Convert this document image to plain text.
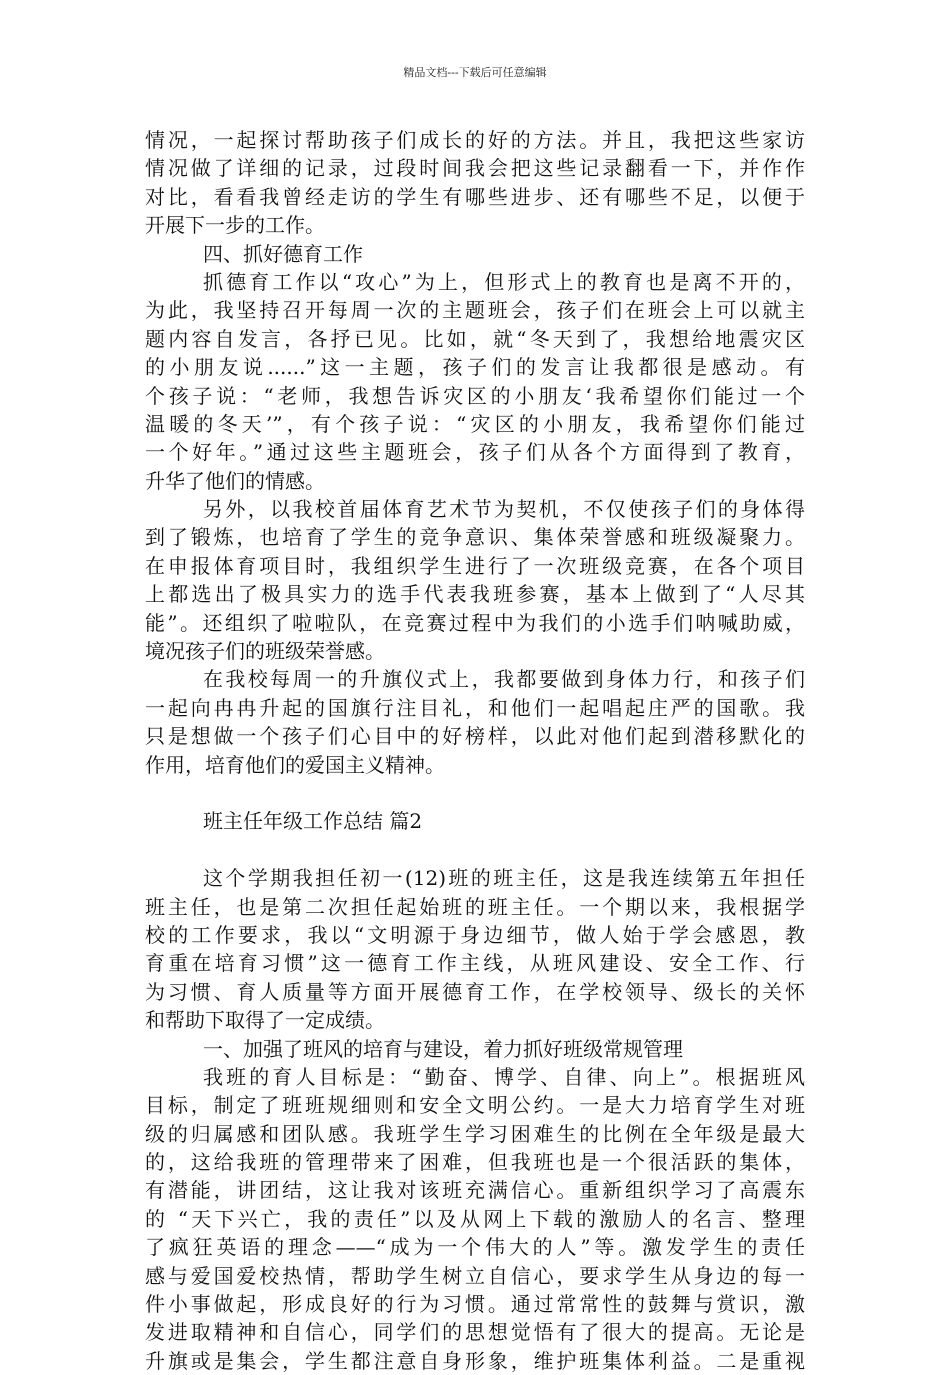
精品文档---下载后可任意编辑
情况，一起探讨帮助孩子们成长的好的方法。并且，我把这些家访
情况做了详细的记录，过段时间我会把这些记录翻看一下，并作作
对比，看看我曾经走访的学生有哪些进步、还有哪些不足，以便于
开展下一步的工作。
四、抓好德育工作
抓德育工作以“攻心”为上，但形式上的教育也是离不开的，
为此，我坚持召开每周一次的主题班会，孩子们在班会上可以就主
题内容自发言，各抒已见。比如，就“冬天到了，我想给地震灾区
的小朋友说......”这一主题，孩子们的发言让我都很是感动。有
个孩子说：“老师，我想告诉灾区的小朋友‘我希望你们能过一个
温暖的冬天’”，有个孩子说：“灾区的小朋友，我希望你们能过
一个好年。”通过这些主题班会，孩子们从各个方面得到了教育，
升华了他们的情感。
另外，以我校首届体育艺术节为契机，不仅使孩子们的身体得
到了锻炼，也培育了学生的竞争意识、集体荣誉感和班级凝聚力。
在申报体育项目时，我组织学生进行了一次班级竞赛，在各个项目
上都选出了极具实力的选手代表我班参赛，基本上做到了“人尽其
能”。还组织了啦啦队，在竞赛过程中为我们的小选手们呐喊助威，
境况孩子们的班级荣誉感。
在我校每周一的升旗仪式上，我都要做到身体力行，和孩子们
一起向冉冉升起的国旗行注目礼，和他们一起唱起庄严的国歌。我
只是想做一个孩子们心目中的好榜样，以此对他们起到潜移默化的
作用，培育他们的爱国主义精神。
班主任年级工作总结 篇2
这个学期我担任初一(12)班的班主任，这是我连续第五年担任
班主任，也是第二次担任起始班的班主任。一个期以来，我根据学
校的工作要求，我以“文明源于身边细节，做人始于学会感恩，教
育重在培育习惯”这一德育工作主线，从班风建设、安全工作、行
为习惯、育人质量等方面开展德育工作，在学校领导、级长的关怀
和帮助下取得了一定成绩。
一、加强了班风的培育与建设，着力抓好班级常规管理
我班的育人目标是：“勤奋、博学、自律、向上”。根据班风
目标，制定了班班规细则和安全文明公约。一是大力培育学生对班
级的归属感和团队感。我班学生学习困难生的比例在全年级是最大
的，这给我班的管理带来了困难，但我班也是一个很活跃的集体，
有潜能，讲团结，这让我对该班充满信心。重新组织学习了高震东
的 “天下兴亡，我的责任”以及从网上下载的激励人的名言、整理
了疯狂英语的理念——“成为一个伟大的人”等。激发学生的责任
感与爱国爱校热情，帮助学生树立自信心，要求学生从身边的每一
件小事做起，形成良好的行为习惯。通过常常性的鼓舞与赏识，激
发进取精神和自信心，同学们的思想觉悟有了很大的提高。无论是
升旗或是集会，学生都注意自身形象，维护班集体利益。二是重视
